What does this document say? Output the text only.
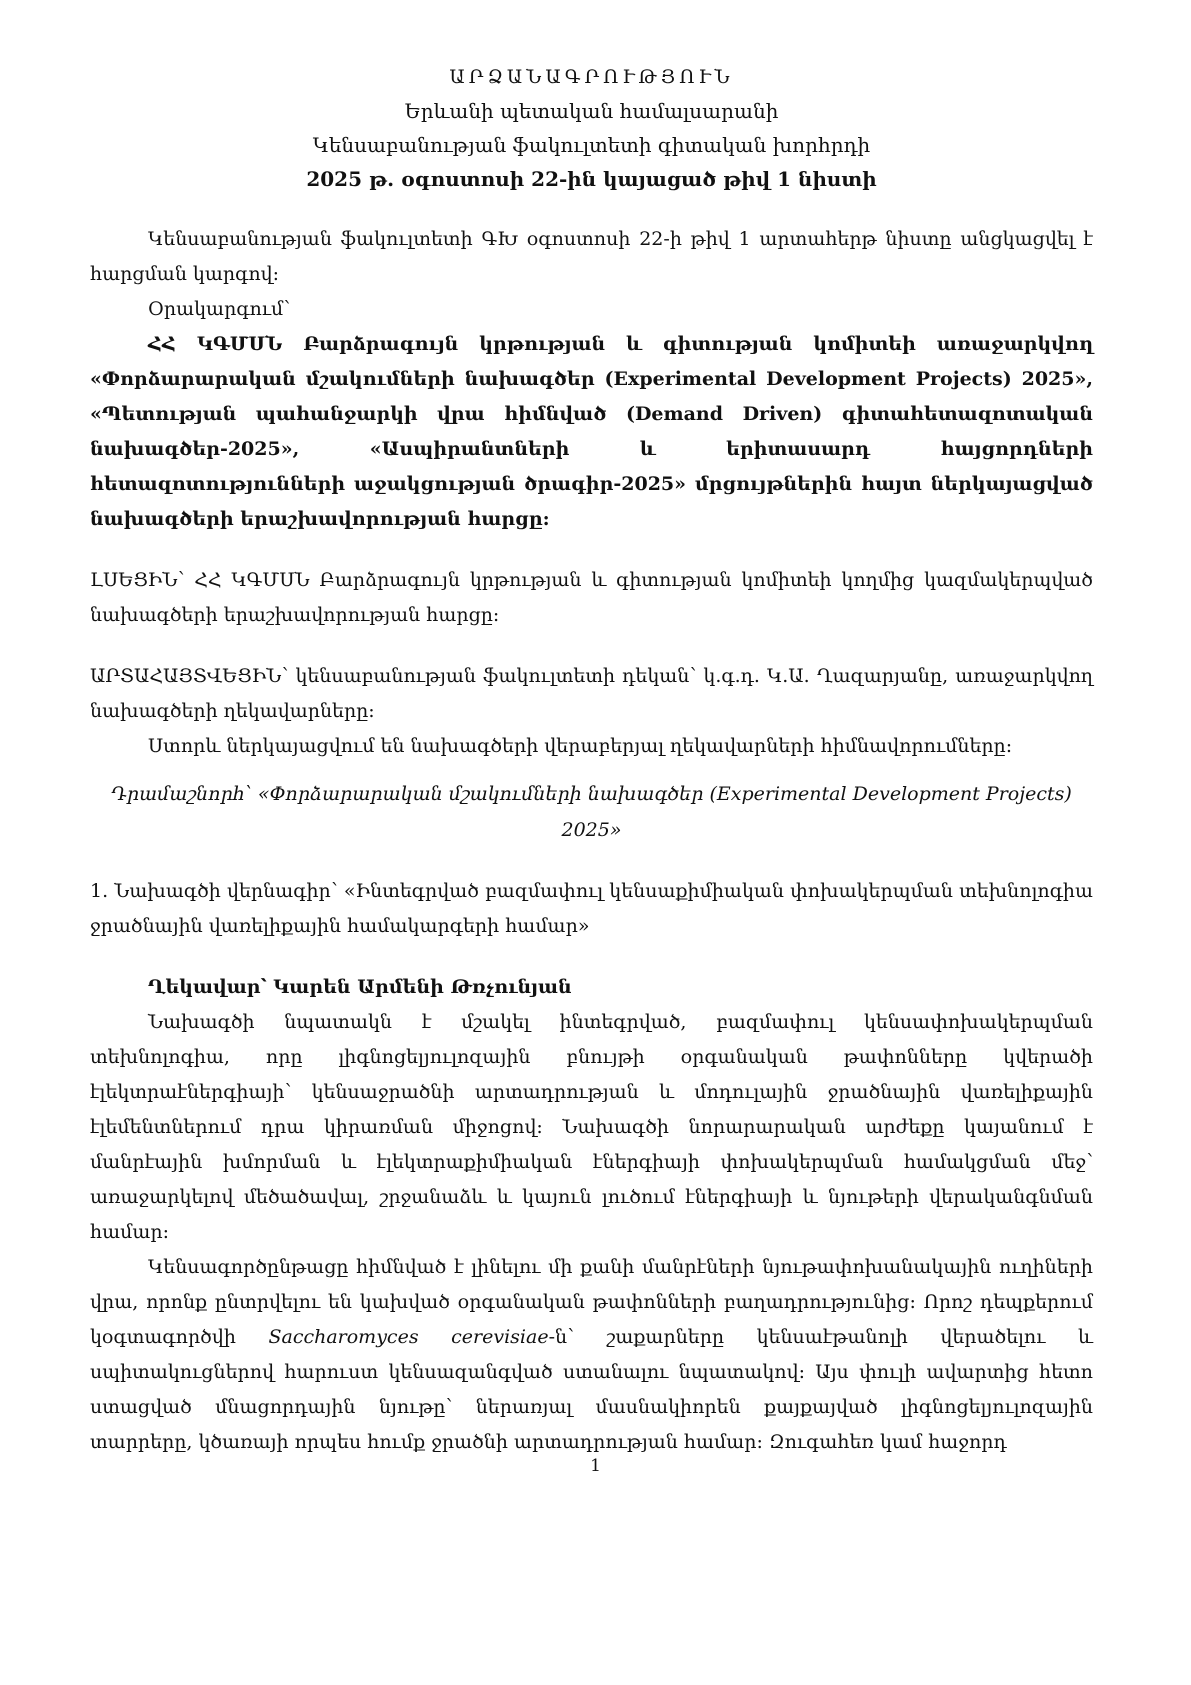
ԱՐՁԱՆԱԳՐՈՒԹՅՈՒՆ
Երևանի պետական համալսարանի
Կենսաբանության ֆակուլտետի գիտական խորհրդի
2025 թ. օգոստոսի 22-ին կայացած թիվ 1 նիստի

Կենսաբանության ֆակուլտետի ԳԽ օգոստոսի 22-ի թիվ 1 արտահերթ նիստը անցկացվել է հարցման կարգով:

Օրակարգում՝

ՀՀ ԿԳՄՍՆ Բարձրագույն կրթության և գիտության կոմիտեի առաջարկվող «Փորձարարական մշակումների նախագծեր (Experimental Development Projects) 2025», «Պետության պահանջարկի վրա հիմնված (Demand Driven) գիտահետազոտական նախագծեր-2025», «Ասպիրանտների և երիտասարդ հայցորդների հետազոտությունների աջակցության ծրագիր-2025» մրցույթներին հայտ ներկայացված նախագծերի երաշխավորության հարցը:

ԼՍԵՑԻՆ՝ ՀՀ ԿԳՄՍՆ Բարձրագույն կրթության և գիտության կոմիտեի կողմից կազմակերպված նախագծերի երաշխավորության հարցը:

ԱՐՏԱՀԱՅՏՎԵՑԻՆ՝ կենսաբանության ֆակուլտետի դեկան՝ կ.գ.դ. Կ.Ա. Ղազարյանը, առաջարկվող նախագծերի ղեկավարները:

Ստորև ներկայացվում են նախագծերի վերաբերյալ ղեկավարների հիմնավորումները:

Դրամաշնորհ՝ «Փորձարարական մշակումների նախագծեր (Experimental Development Projects) 2025»

1. Նախագծի վերնագիր՝ «Ինտեգրված բազմափուլ կենսաքիմիական փոխակերպման տեխնոլոգիա ջրածնային վառելիքային համակարգերի համար»

Ղեկավար՝ Կարեն Արմենի Թռչունյան

Նախագծի նպատակն է մշակել ինտեգրված, բազմափուլ կենսափոխակերպման տեխնոլոգիա, որը լիգնոցելյուլոզային բնույթի օրգանական թափոնները կվերածի էլեկտրաէներգիայի՝ կենսաջրածնի արտադրության և մոդուլային ջրածնային վառելիքային էլեմենտներում դրա կիրառման միջոցով: Նախագծի նորարարական արժեքը կայանում է մանրէային խմորման և էլեկտրաքիմիական էներգիայի փոխակերպման համակցման մեջ՝ առաջարկելով մեծածավալ, շրջանաձև և կայուն լուծում էներգիայի և նյութերի վերականգնման համար:

Կենսագործընթացը հիմնված է լինելու մի քանի մանրէների նյութափոխանակային ուղիների վրա, որոնք ընտրվելու են կախված օրգանական թափոնների բաղադրությունից: Որոշ դեպքերում կօգտագործվի Saccharomyces cerevisiae-ն՝ շաքարները կենսաէթանոլի վերածելու և սպիտակուցներով հարուստ կենսազանգված ստանալու նպատակով: Այս փուլի ավարտից հետո ստացված մնացորդային նյութը՝ ներառյալ մասնակիորեն քայքայված լիգնոցելյուլոզային տարրերը, կծառայի որպես հումք ջրածնի արտադրության համար: Զուգահեռ կամ հաջորդ

1
